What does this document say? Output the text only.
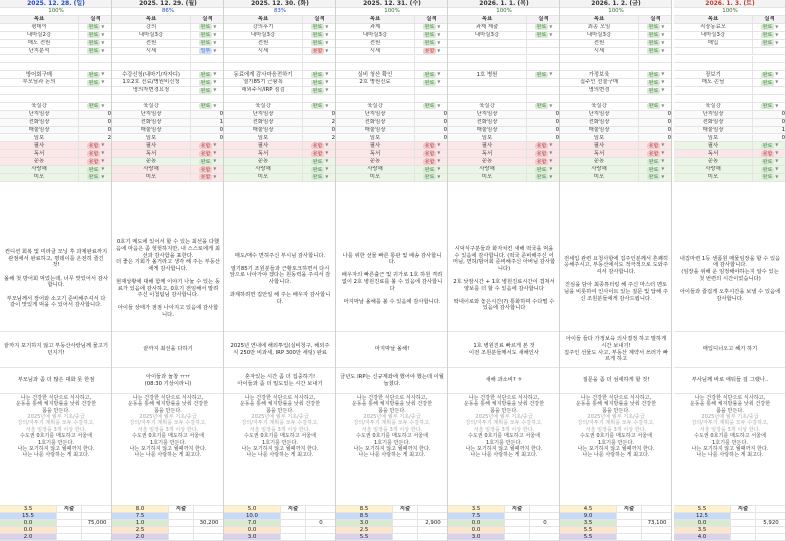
2025. 12. 28. (일)
100%
목표	실적
평데이	완료 ▼
내마실2강	완료 ▼
매도 전원	완료 ▼
단지분석	완료 ▼
방어회구매	완료 ▼
부모님과 논의	완료 ▼
육실강	완료 ▼
단지임장	0
전화임장	0
매물임장	0
임보	2
필사	못함 ▼
독서	못함 ▼
운동	못함 ▼
사랑해	완료 ▼
미모	완료 ▼
컨디션 회복 및 미라클 모닝 후 과제완료까지 관점에서 완료하고, 평데이를 온전히 즐긴 것!

올해 첫 방어회 먹었는데, 너무 맛있어서 감사합니다.

부모님께서 장어와 소고기 준비해주셔서 다 같이 맛있게 먹을 수 있어서 감사합니다.
끝까지 포기하지 않고 부동산사랑님께 물고기 던지기!
부모님과 좀 더 많은 대화 못 한점
나는 건강한 식단으로 식사하고,
운동을 통해 체지방률을 낮춰 건강한
몸을 만든다.
2025년에 월부 기초/중급
강의/자투기 계획을 모두 수강하고,
서울 임장을 3개 이상 한다.
수도권 0호기를 매도하고 서울에
1호기를 만든다.
나는 포기하지 않고 월때까지 한다.
나는 나를 사랑하는 게 최고다.
3.5	지출
15.5
0.0	75,000
0.0
2.0
2025. 12. 29. (월)
86%
목표	실적
강의	완료 ▼
내마실3강	완료 ▼
전원	완료 ▼
시세	일부 ▼
수강신청(내마기/자자디)	완료 ▼
1호2호 진료/병원비신청	완료 ▼
명의자변경요청	완료 ▼
육실강	완료 ▼
단지임장	0
전화임장	1
매물임장	0
임보	0
필사	못함 ▼
독서	못함 ▼
운동	완료 ▼
사랑해	못함 ▼
미모	못함 ▼
0호기 메도에 있어서 할 수 있는 최선을 다했음에 마음은 좀 헛헛하지만, 내 스스로에게 최선과 감사함을 표한다.
더 좋은 기회가 올거라고 생각 해 주는 부동산에게 감사합니다.

현재상황에 대해 함께 이야기 나눌 수 있는 동료가 있음에 감사하고, 0호기 전임해서 말려주신 이첩팀님 감사합니다.

아이들 상태가 점점 나아지고 있음에 감사합니다.
끝까지 최선을 다하기
아이들과 놀창 ㅠㅠ
(08:30 기상이라니)
나는 건강한 식단으로 식사하고,
운동을 통해 체지방률을 낮춰 건강한
몸을 만든다.
2025년에 월부 기초/중급
강의/자투기 계획을 모두 수강하고,
서울 임장을 3개 이상 한다.
수도권 0호기를 매도하고 서울에
1호기를 만든다.
나는 포기하지 않고 월때까지 한다.
나는 나를 사랑하는 게 최고다.
8.0	지출
7.5
1.0	30,200
2.5
2.0
2025. 12. 30. (화)
83%
목표	실적
강의후기	완료 ▼
내마실3강	완료 ▼
전원	완료 ▼
시세	못함 ▼
동료에게 감사마음전하기	완료 ▼
열기85기 근황톡	완료 ▼
해외주식/IRP 점검	완료 ▼
육실강	완료 ▼
단지임장	0
전화임장	2
매물임장	0
임보	2
필사	못함 ▼
독서	못함 ▼
운동	완료 ▼
사랑해	완료 ▼
미모	완료 ▼
매도/매수 면허주신 부시님 감사합니다.

열기85기 조원분들과 근황토크하면서 다시 앞으로 나아가야 겠다는 원동력을 주셔서 감사합니다.

과제하려면 집안일 해 주는 배우자 감사합니다.
2025년 연내에 해외투입(실비청구, 해외주식 250만 비과세, IRP 300만 세팅) 완료
혼자있는 시간 좀 더 집중하기!
아이들과 좀 더 밀도있는 시간 보내기
나는 건강한 식단으로 식사하고,
운동을 통해 체지방률을 낮춰 건강한
몸을 만든다.
2025년에 월부 기초/중급
강의/자투기 계획을 모두 수강하고,
서울 임장을 3개 이상 한다.
수도권 0호기를 매도하고 서울에
1호기를 만든다.
나는 포기하지 않고 월때까지 한다.
나는 나를 사랑하는 게 최고다.
5.0	지출
10.0
7.0	0
0.0
3.0
2025. 12. 31. (수)
100%
목표	실적
과제	완료 ▼
내마실3강	완료 ▼
전원	완료 ▼
시세	못함 ▼
실비 청산 확인	완료 ▼
2호 병원진료	완료 ▼
육실강	완료 ▼
단지임장	0
전화임장	0
매물임장	0
임보	0
필사	못함 ▼
독서	못함 ▼
운동	못함 ▼
사랑해	완료 ▼
미모	완료 ▼
나를 위한 선물 빠른 통관 및 배송 감사합니다.

배우자의 빠른출근 및 귀가로 1호 하원 격려없이 2호 병원진료를 볼 수 있음에 감사합니다

마지막날 올해를 볼 수 있음에 감사합니다.
마지막날 올해!
금년도 IRP는 신규계좌에 했어야 했는데 이월 늘쳤다.
나는 건강한 식단으로 식사하고,
운동을 통해 체지방률을 낮춰 건강한
몸을 만든다.
2025년에 월부 기초/중급
강의/자투기 계획을 모두 수강하고,
서울 임장을 3개 이상 한다.
수도권 0호기를 매도하고 서울에
1호기를 만든다.
나는 포기하지 않고 월때까지 한다.
나는 나를 사랑하는 게 최고다.
8.5	지출
8.5
3.0	2,900
2.5
5.5
2026. 1. 1. (목)
100%
목표	실적
과제 제출	완료 ▼
내마실3강	완료 ▼
1호 병원	완료 ▼
육실강	완료 ▼
단지임장	0
전화임장	0
매물임장	0
임보	0
필사	못함 ▼
독서	못함 ▼
운동	못함 ▼
사랑해	완료 ▼
미모	완료 ▼
시덕식구분들과 화자치킨 새해 떡국을 먹을 수 있음에 감사합니다. (떡국 준비해주신 어머님, 면허/밤어회 준비해주신 아버님 감사합니다)

2호 낮잠시간 + 1호 병원진료시간이 겹쳐서 양보를 더 할 수 있음에 감사합니다

딱내이로와 놓은시간(?) 통화하며 수다떨 수 있음에 감사합니다
1호 병원진료 빠르게 본 것
이전 조원분들께서도 새해인사
새해 과소비? ㅎ
나는 건강한 식단으로 식사하고,
운동을 통해 체지방률을 낮춰 건강한
몸을 만든다.
2025년에 월부 기초/중급
강의/자투기 계획을 모두 수강하고,
서울 임장을 3개 이상 한다.
수도권 0호기를 매도하고 서울에
1호기를 만든다.
나는 포기하지 않고 월때까지 한다.
나는 나를 사랑하는 게 최고다.
3.5	지출
7.5
0.0	0
0.0
3.0
2026. 1. 2. (금)
100%
목표	실적
최종 오임	완료 ▼
내마실3강	완료 ▼
전원	완료 ▼
시세	완료 ▼
가정보육	완료 ▼
집주인 선물구매	완료 ▼
명의변경	완료 ▼
육실강	완료 ▼
단지임장	0
전화임장	0
매물임장	0
임보	0
필사	못함 ▼
독서	못함 ▼
운동	완료 ▼
사랑해	완료 ▼
미모	완료 ▼
전세입 관련 요청사항에 집주인분께서 흔쾌히 응해주시고, 부동산에서도 적극적으로 도와주셔서 감사합니다.

진심을 담아 최종튜터링 해 주신 마스터 멘토님을 비롯하여 인사이트 있는 질문 및 답해 주신 조원분들에게 감사드립니다.
아이들 들다 가정보육 의사결정 하고 말하게 시간 보내기!
집주인 선물도 사고, 부동산 계약서 쓰러가 빠르게 하고
질문을 좀 더 섬세하게 할 것!
나는 건강한 식단으로 식사하고,
운동을 통해 체지방률을 낮춰 건강한
몸을 만든다.
2025년에 월부 기초/중급
강의/자투기 계획을 모두 수강하고,
서울 임장을 3개 이상 한다.
수도권 0호기를 매도하고 서울에
1호기를 만든다.
나는 포기하지 않고 월때까지 한다.
나는 나를 사랑하는 게 최고다.
4.5	지출
9.0
3.5	73,100
5.5
5.5
2026. 1. 3. (토)
100%
목표	실적
직장동료모	완료 ▼
내마실3강	완료 ▼
매입	완료 ▼
장보기	완료 ▼
매도 손님	완료 ▼
육실강	완료 ▼
단지임장	0
전화임장	0
매물임장	1
임보	0
필사	완료 ▼
독서	못함 ▼
운동	완료 ▼
사랑해	완료 ▼
미모	완료 ▼
내집마련 1등 센폼원 매물임장을 할 수 있음에 감사합니다.
(임장을 위해 운 임정해야하는지 알수 있는 첫 번련의 시간이었습니다)

아이들과 즐겁게 오후시간을 보낼 수 있음에 감사합니다.
매입디너오고 혜기 하기
부사님께 바로 애둬들 걸 그랬나..
나는 건강한 식단으로 식사하고,
운동을 통해 체지방률을 낮춰 건강한
몸을 만든다.
2025년에 월부 기초/중급
강의/자투기 계획을 모두 수강하고,
서울 임장을 3개 이상 한다.
수도권 0호기를 매도하고 서울에
1호기를 만든다.
나는 포기하지 않고 월때까지 한다.
나는 나를 사랑하는 게 최고다.
5.5	지출
12.5
0.0	5,920
3.5
4.0
